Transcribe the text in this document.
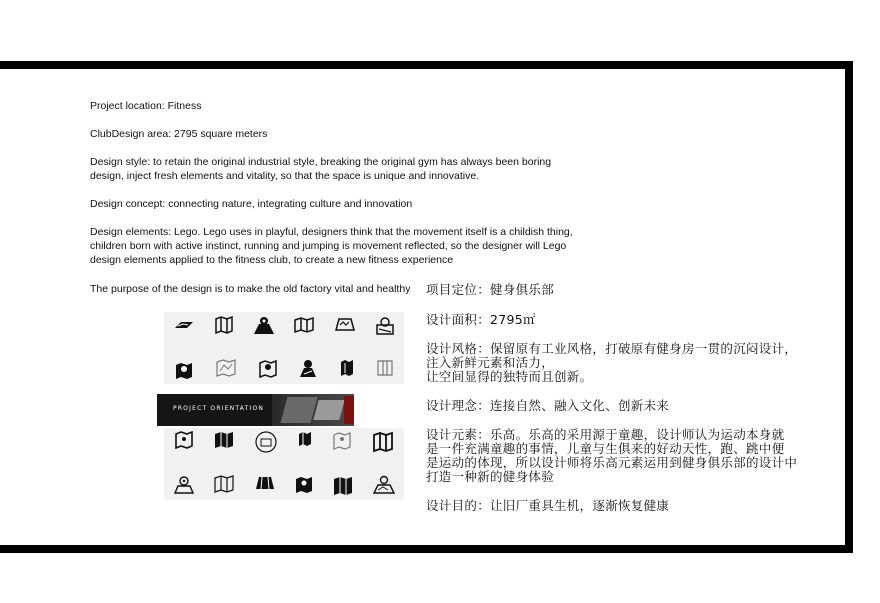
Project location: Fitness

ClubDesign area: 2795 square meters

Design style: to retain the original industrial style, breaking the original gym has always been boring

design, inject fresh elements and vitality, so that the space is unique and innovative.

Design concept: connecting nature, integrating culture and innovation

Design elements: Lego. Lego uses in playful, designers think that the movement itself is a childish thing,

children born with active instinct, running and jumping is movement reflected, so the designer will Lego

design elements applied to the fitness club, to create a new fitness experience

The purpose of the design is to make the old factory vital and healthy 项目定位：健身俱乐部

设计面积：2795㎡

设计风格：保留原有工业风格，打破原有健身房一贯的沉闷设计，

注入新鲜元素和活力，

让空间显得的独特而且创新。

设计理念：连接自然、融入文化、创新未来

设计元素：乐高。乐高的采用源于童趣，设计师认为运动本身就

是一件充满童趣的事情，儿童与生俱来的好动天性，跑、跳中便

是运动的体现，所以设计师将乐高元素运用到健身俱乐部的设计中

打造一种新的健身体验

设计目的：让旧厂重具生机，逐渐恢复健康

PROJECT ORIENTATION
